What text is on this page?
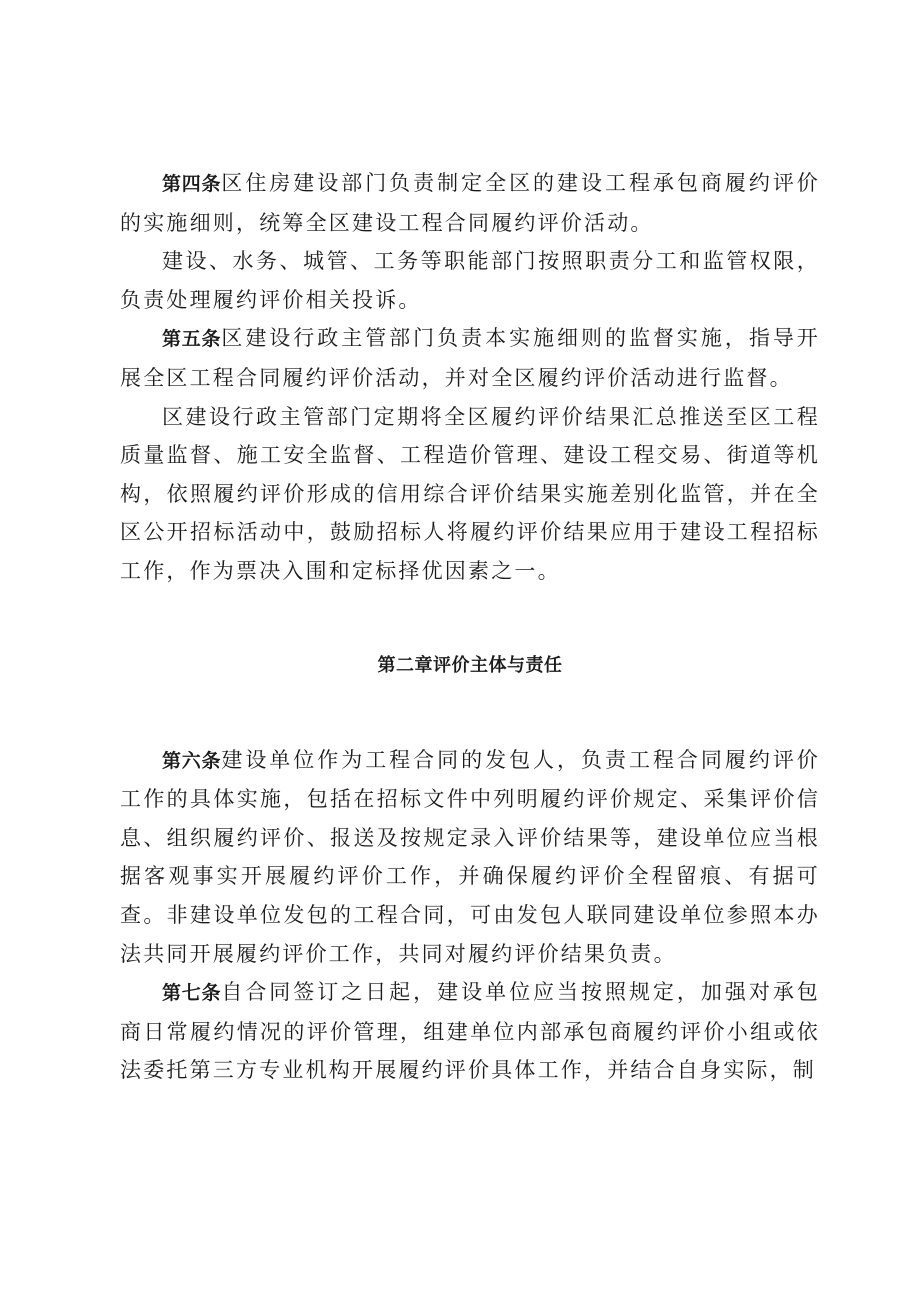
第四条区住房建设部门负责制定全区的建设工程承包商履约评价的实施细则，统筹全区建设工程合同履约评价活动。

建设、水务、城管、工务等职能部门按照职责分工和监管权限，负责处理履约评价相关投诉。

第五条区建设行政主管部门负责本实施细则的监督实施，指导开展全区工程合同履约评价活动，并对全区履约评价活动进行监督。

区建设行政主管部门定期将全区履约评价结果汇总推送至区工程质量监督、施工安全监督、工程造价管理、建设工程交易、街道等机构，依照履约评价形成的信用综合评价结果实施差别化监管，并在全区公开招标活动中，鼓励招标人将履约评价结果应用于建设工程招标工作，作为票决入围和定标择优因素之一。

第二章评价主体与责任

第六条建设单位作为工程合同的发包人，负责工程合同履约评价工作的具体实施，包括在招标文件中列明履约评价规定、采集评价信息、组织履约评价、报送及按规定录入评价结果等，建设单位应当根据客观事实开展履约评价工作，并确保履约评价全程留痕、有据可查。非建设单位发包的工程合同，可由发包人联同建设单位参照本办法共同开展履约评价工作，共同对履约评价结果负责。

第七条自合同签订之日起，建设单位应当按照规定，加强对承包商日常履约情况的评价管理，组建单位内部承包商履约评价小组或依法委托第三方专业机构开展履约评价具体工作，并结合自身实际，制
